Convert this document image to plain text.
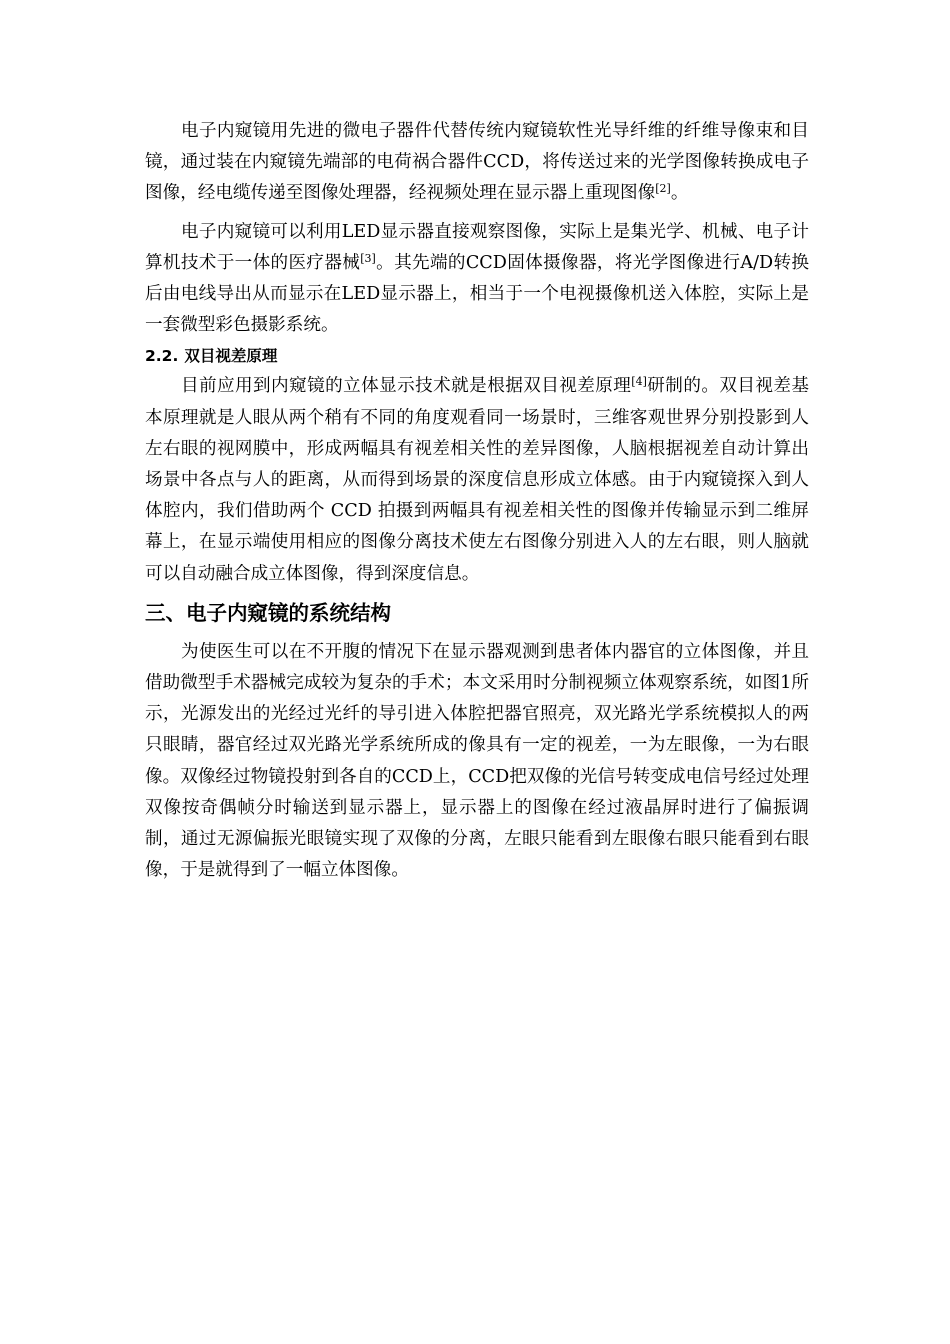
电子内窥镜用先进的微电子器件代替传统内窥镜软性光导纤维的纤维导像束和目镜，通过装在内窥镜先端部的电荷祸合器件CCD，将传送过来的光学图像转换成电子图像，经电缆传递至图像处理器，经视频处理在显示器上重现图像[2]。

电子内窥镜可以利用LED显示器直接观察图像，实际上是集光学、机械、电子计算机技术于一体的医疗器械[3]。其先端的CCD固体摄像器，将光学图像进行A/D转换后由电线导出从而显示在LED显示器上，相当于一个电视摄像机送入体腔，实际上是一套微型彩色摄影系统。

2.2. 双目视差原理

目前应用到内窥镜的立体显示技术就是根据双目视差原理[4]研制的。双目视差基本原理就是人眼从两个稍有不同的角度观看同一场景时，三维客观世界分别投影到人左右眼的视网膜中，形成两幅具有视差相关性的差异图像，人脑根据视差自动计算出场景中各点与人的距离，从而得到场景的深度信息形成立体感。由于内窥镜探入到人体腔内，我们借助两个 CCD 拍摄到两幅具有视差相关性的图像并传输显示到二维屏幕上，在显示端使用相应的图像分离技术使左右图像分别进入人的左右眼，则人脑就可以自动融合成立体图像，得到深度信息。

三、电子内窥镜的系统结构

为使医生可以在不开腹的情况下在显示器观测到患者体内器官的立体图像，并且借助微型手术器械完成较为复杂的手术；本文采用时分制视频立体观察系统，如图1所示，光源发出的光经过光纤的导引进入体腔把器官照亮，双光路光学系统模拟人的两只眼睛，器官经过双光路光学系统所成的像具有一定的视差，一为左眼像，一为右眼像。双像经过物镜投射到各自的CCD上，CCD把双像的光信号转变成电信号经过处理双像按奇偶帧分时输送到显示器上，显示器上的图像在经过液晶屏时进行了偏振调制，通过无源偏振光眼镜实现了双像的分离，左眼只能看到左眼像右眼只能看到右眼像，于是就得到了一幅立体图像。
